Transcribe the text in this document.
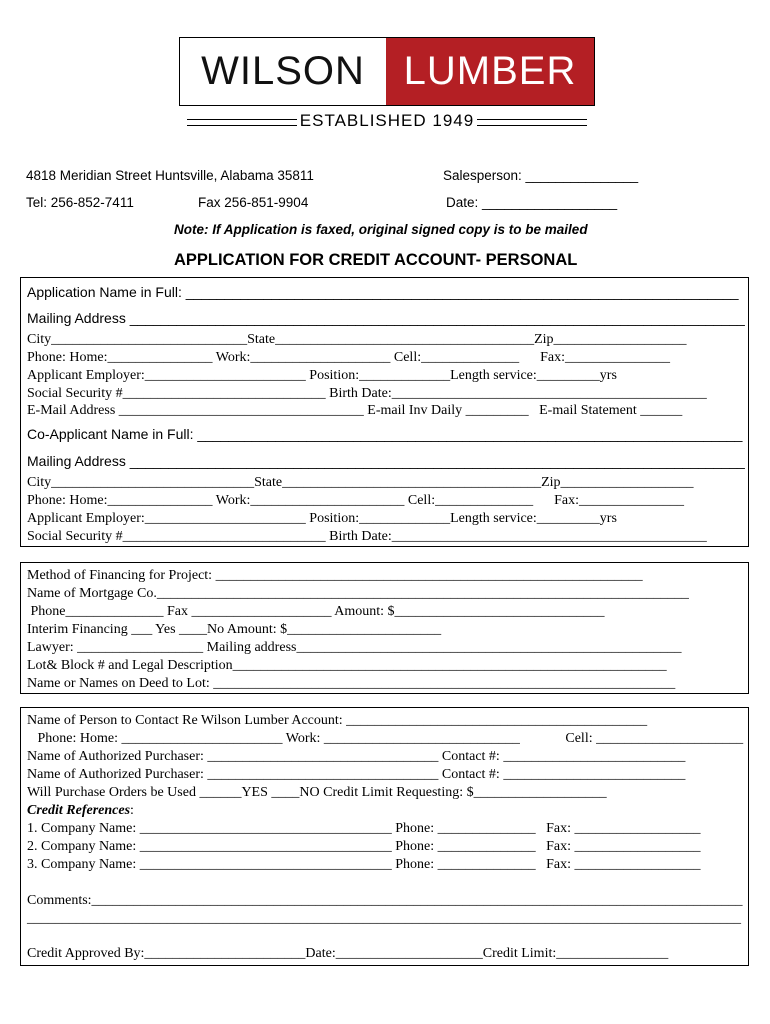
WILSON LUMBER
ESTABLISHED 1949
4818 Meridian Street Huntsville, Alabama 35811	Salesperson: _______________
Tel: 256-852-7411	Fax 256-851-9904	Date: __________________
Note: If Application is faxed, original signed copy is to be mailed
APPLICATION FOR CREDIT ACCOUNT- PERSONAL
Application Name in Full: _______________________________________________________________________
Mailing Address _______________________________________________________________________________
City____________________________State_____________________________________Zip___________________
Phone: Home:_______________ Work:____________________ Cell:______________      Fax:_______________
Applicant Employer:_______________________ Position:_____________Length service:_________yrs
Social Security #_____________________________ Birth Date:_____________________________________________
E-Mail Address ___________________________________ E-mail Inv Daily _________   E-mail Statement ______
Co-Applicant Name in Full: ______________________________________________________________________
Mailing Address _______________________________________________________________________________
City_____________________________State_____________________________________Zip___________________
Phone: Home:_______________ Work:______________________ Cell:______________      Fax:_______________
Applicant Employer:_______________________ Position:_____________Length service:_________yrs
Social Security #_____________________________ Birth Date:_____________________________________________
Method of Financing for Project: _____________________________________________________________
Name of Mortgage Co.____________________________________________________________________________
Phone______________ Fax ____________________ Amount: $______________________________
Interim Financing ___ Yes ____No Amount: $______________________
Lawyer: __________________ Mailing address_______________________________________________________
Lot& Block # and Legal Description______________________________________________________________
Name or Names on Deed to Lot: __________________________________________________________________
Name of Person to Contact Re Wilson Lumber Account: ___________________________________________
Phone: Home: _______________________ Work: ____________________________             Cell: _____________________
Name of Authorized Purchaser: _________________________________ Contact #: __________________________
Name of Authorized Purchaser: _________________________________ Contact #: __________________________
Will Purchase Orders be Used ______YES ____NO Credit Limit Requesting: $___________________
Credit References:
1. Company Name: ____________________________________ Phone: ______________   Fax: __________________
2. Company Name: ____________________________________ Phone: ______________   Fax: __________________
3. Company Name: ____________________________________ Phone: ______________   Fax: __________________
Comments:_____________________________________________________________________________________________
______________________________________________________________________________________________________
Credit Approved By:_______________________Date:_____________________Credit Limit:________________
